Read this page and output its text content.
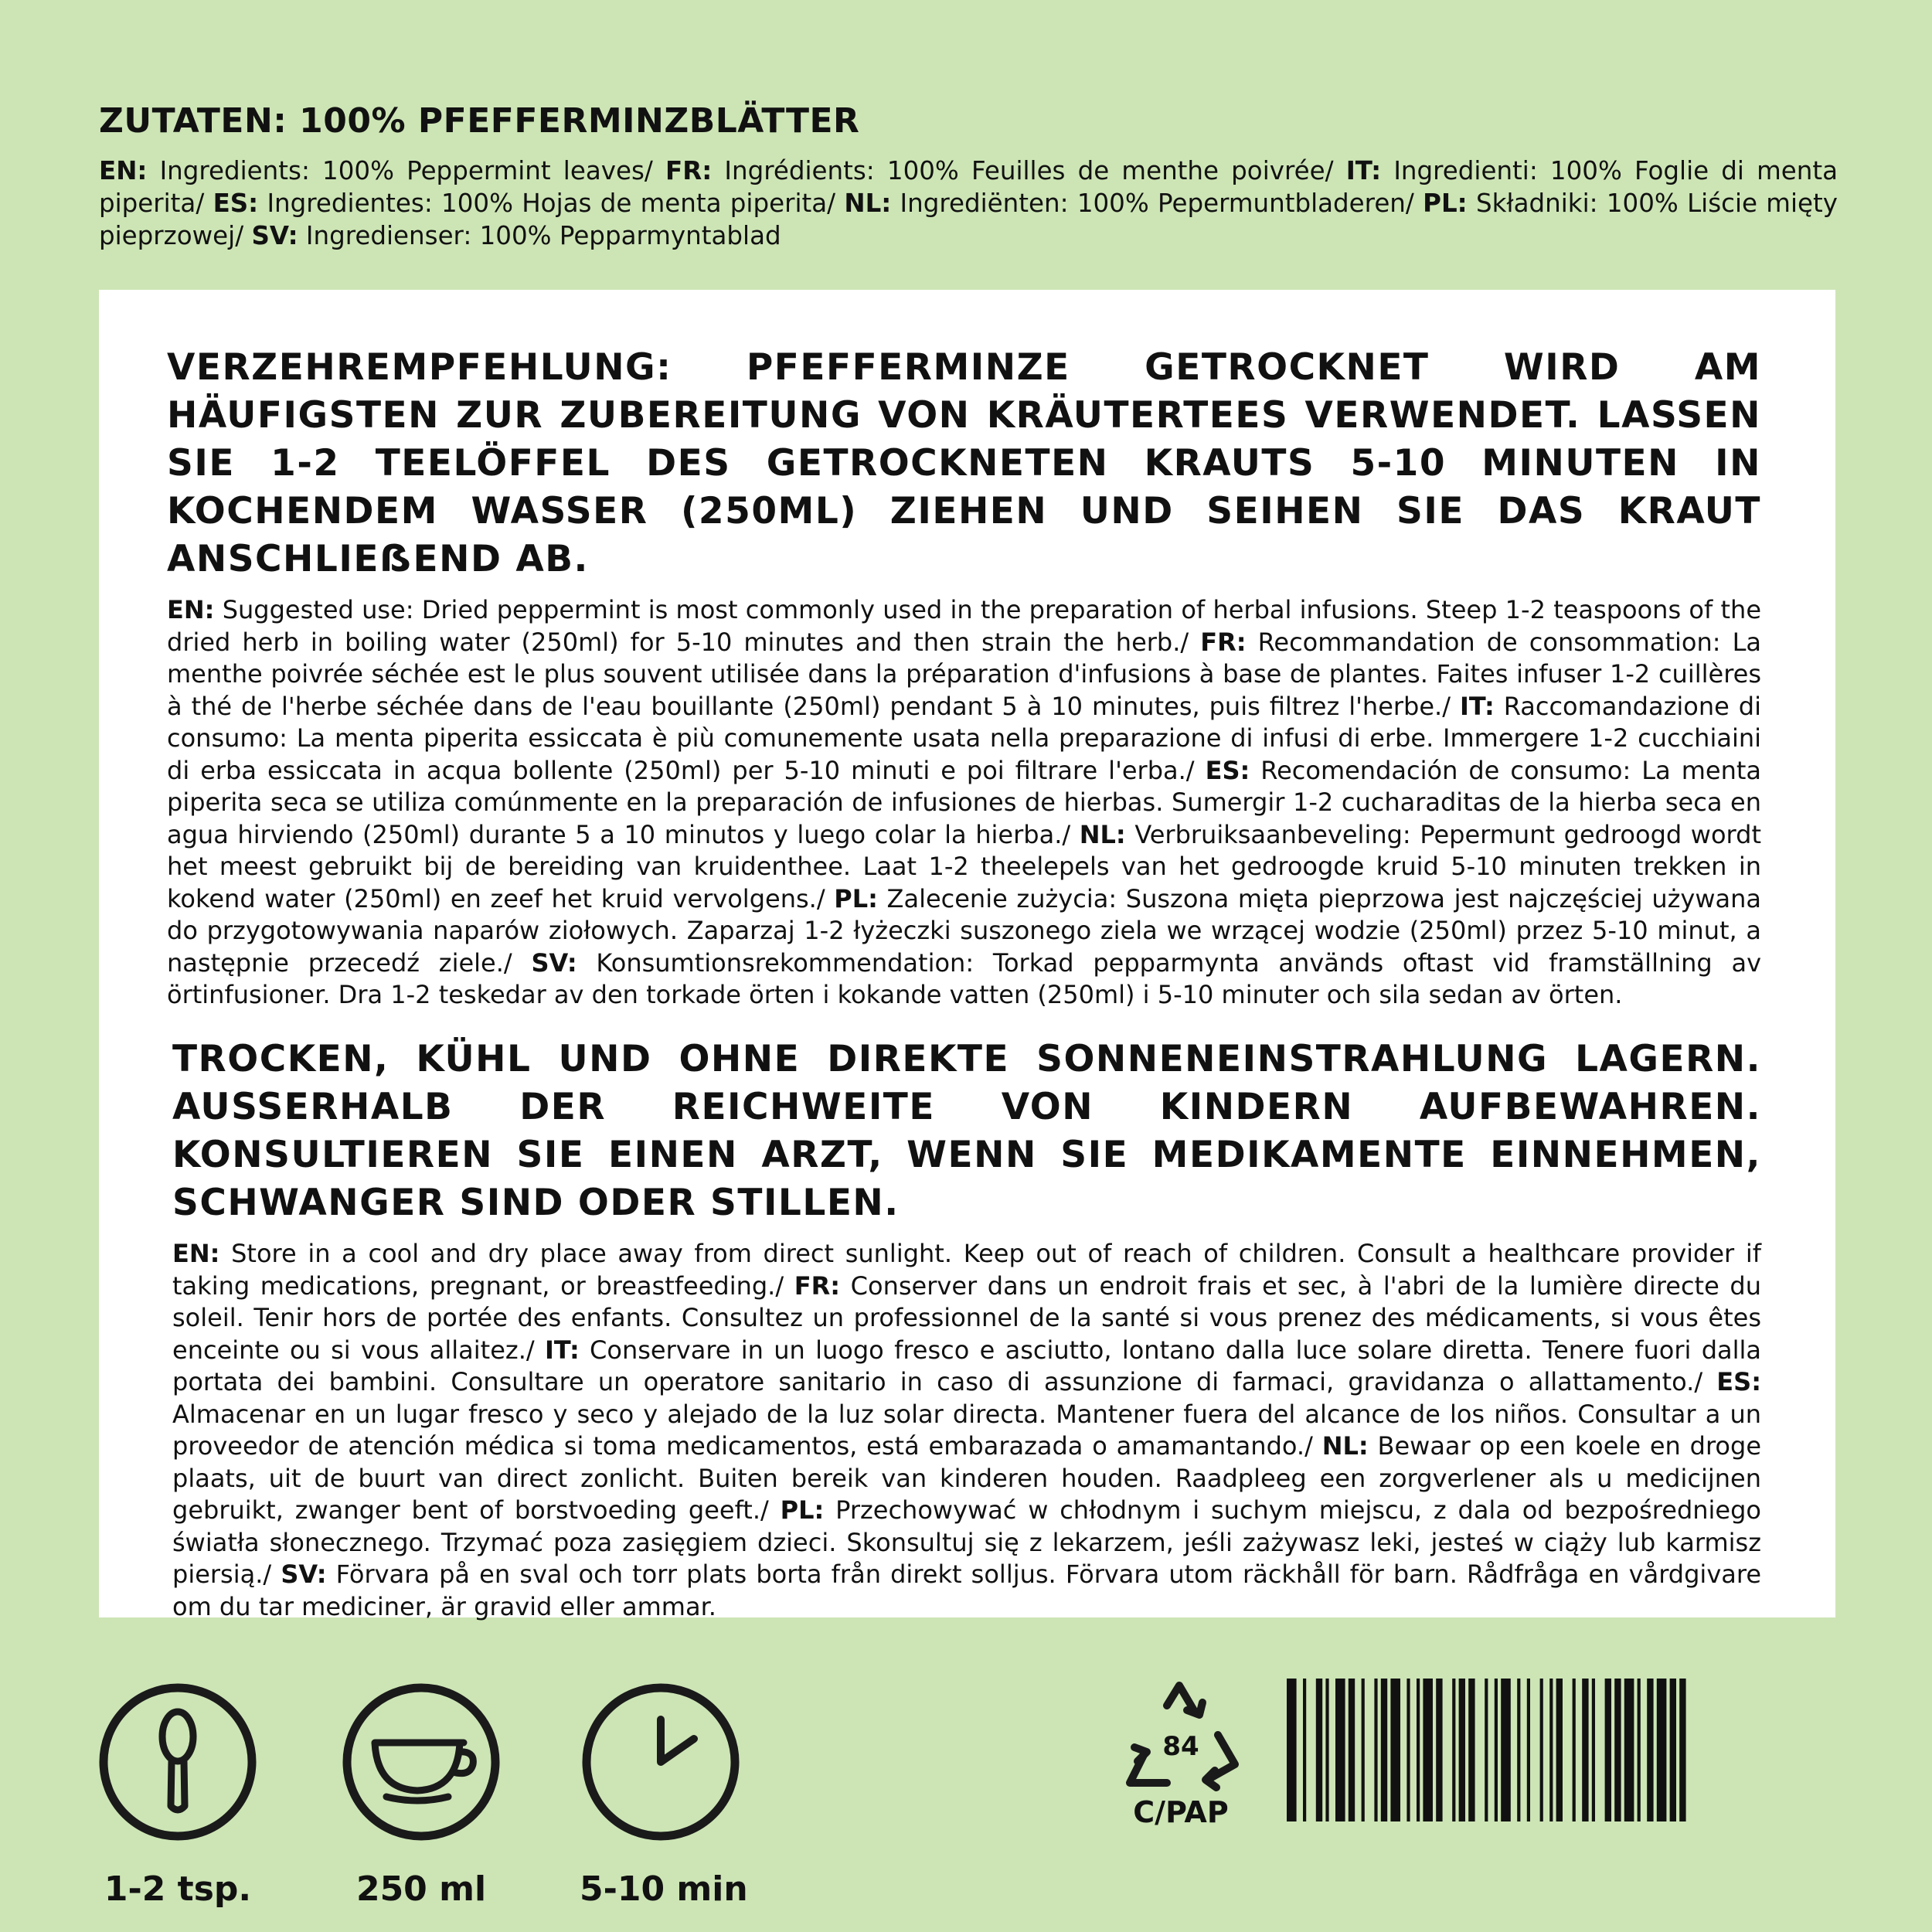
ZUTATEN: 100% PFEFFERMINZBLÄTTER

EN: Ingredients: 100% Peppermint leaves/ FR: Ingrédients: 100% Feuilles de menthe poivrée/ IT: Ingredienti: 100% Foglie di menta piperita/ ES: Ingredientes: 100% Hojas de menta piperita/ NL: Ingrediënten: 100% Pepermuntbladeren/ PL: Składniki: 100% Liście mięty pieprzowej/ SV: Ingredienser: 100% Pepparmyntablad

VERZEHREMPFEHLUNG: PFEFFERMINZE GETROCKNET WIRD AM HÄUFIGSTEN ZUR ZUBEREITUNG VON KRÄUTERTEES VERWENDET. LASSEN SIE 1-2 TEELÖFFEL DES GETROCKNETEN KRAUTS 5-10 MINUTEN IN KOCHENDEM WASSER (250ML) ZIEHEN UND SEIHEN SIE DAS KRAUT ANSCHLIEẞEND AB.

EN: Suggested use: Dried peppermint is most commonly used in the preparation of herbal infusions. Steep 1-2 teaspoons of the dried herb in boiling water (250ml) for 5-10 minutes and then strain the herb./ FR: Recommandation de consommation: La menthe poivrée séchée est le plus souvent utilisée dans la préparation d'infusions à base de plantes. Faites infuser 1-2 cuillères à thé de l'herbe séchée dans de l'eau bouillante (250ml) pendant 5 à 10 minutes, puis filtrez l'herbe./ IT: Raccomandazione di consumo: La menta piperita essiccata è più comunemente usata nella preparazione di infusi di erbe. Immergere 1-2 cucchiaini di erba essiccata in acqua bollente (250ml) per 5-10 minuti e poi filtrare l'erba./ ES: Recomendación de consumo: La menta piperita seca se utiliza comúnmente en la preparación de infusiones de hierbas. Sumergir 1-2 cucharaditas de la hierba seca en agua hirviendo (250ml) durante 5 a 10 minutos y luego colar la hierba./ NL: Verbruiksaanbeveling: Pepermunt gedroogd wordt het meest gebruikt bij de bereiding van kruidenthee. Laat 1-2 theelepels van het gedroogde kruid 5-10 minuten trekken in kokend water (250ml) en zeef het kruid vervolgens./ PL: Zalecenie zużycia: Suszona mięta pieprzowa jest najczęściej używana do przygotowywania naparów ziołowych. Zaparzaj 1-2 łyżeczki suszonego ziela we wrzącej wodzie (250ml) przez 5-10 minut, a następnie przecedź ziele./ SV: Konsumtionsrekommendation: Torkad pepparmynta används oftast vid framställning av örtinfusioner. Dra 1-2 teskedar av den torkade örten i kokande vatten (250ml) i 5-10 minuter och sila sedan av örten.

TROCKEN, KÜHL UND OHNE DIREKTE SONNENEINSTRAHLUNG LAGERN. AUSSERHALB DER REICHWEITE VON KINDERN AUFBEWAHREN. KONSULTIEREN SIE EINEN ARZT, WENN SIE MEDIKAMENTE EINNEHMEN, SCHWANGER SIND ODER STILLEN.

EN: Store in a cool and dry place away from direct sunlight. Keep out of reach of children. Consult a healthcare provider if taking medications, pregnant, or breastfeeding./ FR: Conserver dans un endroit frais et sec, à l'abri de la lumière directe du soleil. Tenir hors de portée des enfants. Consultez un professionnel de la santé si vous prenez des médicaments, si vous êtes enceinte ou si vous allaitez./ IT: Conservare in un luogo fresco e asciutto, lontano dalla luce solare diretta. Tenere fuori dalla portata dei bambini. Consultare un operatore sanitario in caso di assunzione di farmaci, gravidanza o allattamento./ ES: Almacenar en un lugar fresco y seco y alejado de la luz solar directa. Mantener fuera del alcance de los niños. Consultar a un proveedor de atención médica si toma medicamentos, está embarazada o amamantando./ NL: Bewaar op een koele en droge plaats, uit de buurt van direct zonlicht. Buiten bereik van kinderen houden. Raadpleeg een zorgverlener als u medicijnen gebruikt, zwanger bent of borstvoeding geeft./ PL: Przechowywać w chłodnym i suchym miejscu, z dala od bezpośredniego światła słonecznego. Trzymać poza zasięgiem dzieci. Skonsultuj się z lekarzem, jeśli zażywasz leki, jesteś w ciąży lub karmisz piersią./ SV: Förvara på en sval och torr plats borta från direkt solljus. Förvara utom räckhåll för barn. Rådfråga en vårdgivare om du tar mediciner, är gravid eller ammar.

1-2 tsp.	250 ml	5-10 min
84
C/PAP
